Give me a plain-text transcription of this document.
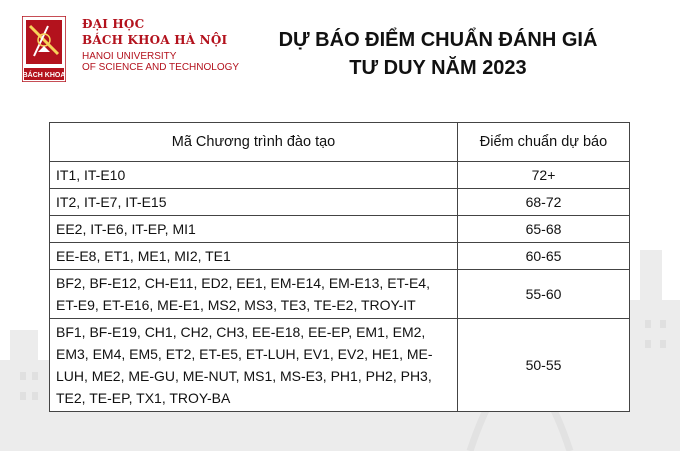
BÁCH KHOA
ĐẠI HỌC
BÁCH KHOA HÀ NỘI
HANOI UNIVERSITY
OF SCIENCE AND TECHNOLOGY
DỰ BÁO ĐIỂM CHUẨN ĐÁNH GIÁ
TƯ DUY NĂM 2023
Mã Chương trình đào tạo	Điểm chuẩn dự báo
IT1, IT-E10	72+
IT2, IT-E7, IT-E15	68-72
EE2, IT-E6, IT-EP, MI1	65-68
EE-E8, ET1, ME1, MI2, TE1	60-65
BF2, BF-E12, CH-E11, ED2, EE1, EM-E14, EM-E13, ET-E4, ET-E9, ET-E16, ME-E1, MS2, MS3, TE3, TE-E2, TROY-IT	55-60
BF1, BF-E19, CH1, CH2, CH3, EE-E18, EE-EP, EM1, EM2, EM3, EM4, EM5, ET2, ET-E5, ET-LUH, EV1, EV2, HE1, ME-LUH, ME2, ME-GU, ME-NUT, MS1, MS-E3, PH1, PH2, PH3, TE2, TE-EP, TX1, TROY-BA	50-55
